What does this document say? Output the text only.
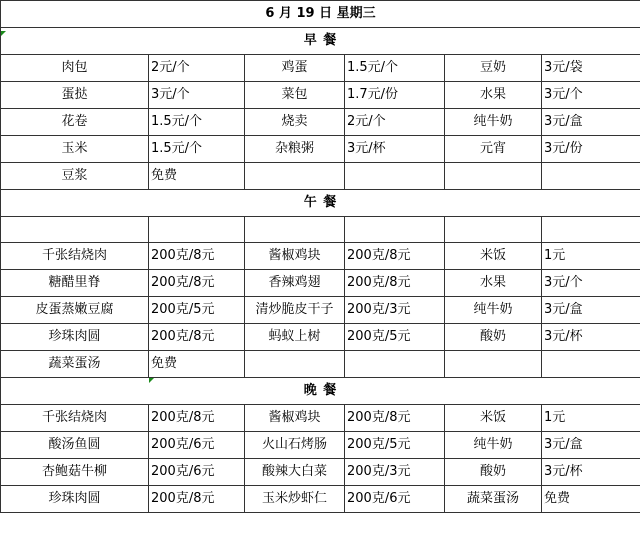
6 月 19 日 星期三					
早 餐					
肉包	2元/个	鸡蛋	1.5元/个	豆奶	3元/袋
蛋挞	3元/个	菜包	1.7元/份	水果	3元/个
花卷	1.5元/个	烧卖	2元/个	纯牛奶	3元/盒
玉米	1.5元/个	杂粮粥	3元/杯	元宵	3元/份
豆浆	免费				
午 餐					

千张结烧肉	200克/8元	酱椒鸡块	200克/8元	米饭	1元
糖醋里脊	200克/8元	香辣鸡翅	200克/8元	水果	3元/个
皮蛋蒸嫩豆腐	200克/5元	清炒脆皮干子	200克/3元	纯牛奶	3元/盒
珍珠肉圆	200克/8元	蚂蚁上树	200克/5元	酸奶	3元/杯
蔬菜蛋汤	免费				
晚 餐					
千张结烧肉	200克/8元	酱椒鸡块	200克/8元	米饭	1元
酸汤鱼圆	200克/6元	火山石烤肠	200克/5元	纯牛奶	3元/盒
杏鲍菇牛柳	200克/6元	酸辣大白菜	200克/3元	酸奶	3元/杯
珍珠肉圆	200克/8元	玉米炒虾仁	200克/6元	蔬菜蛋汤	免费
